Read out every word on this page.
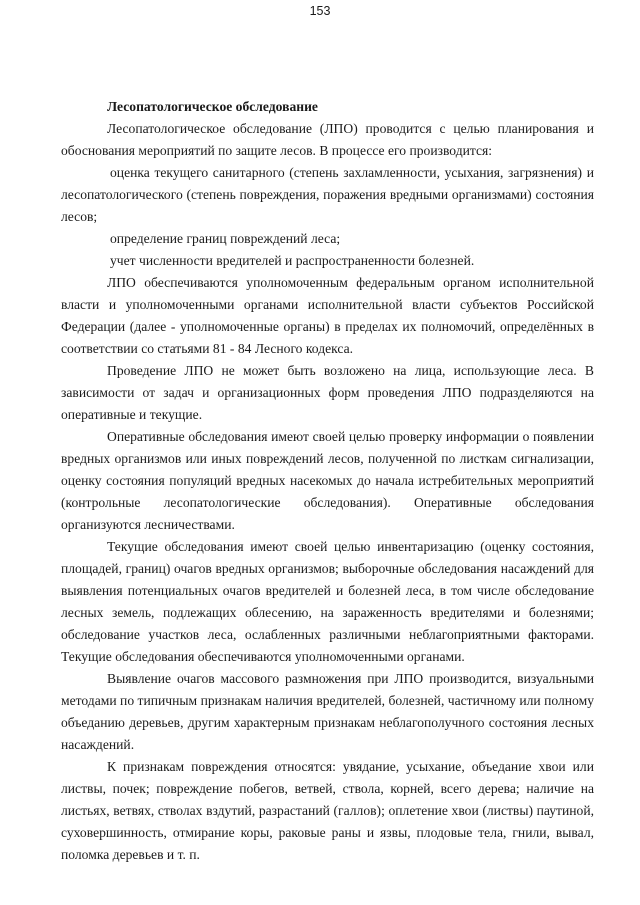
153

Лесопатологическое обследование

Лесопатологическое обследование (ЛПО) проводится с целью планирования и обоснования мероприятий по защите лесов. В процессе его производится:

оценка текущего санитарного (степень захламленности, усыхания, загрязнения) и лесопатологического (степень повреждения, поражения вредными организмами) состояния лесов;

определение границ повреждений леса;

учет численности вредителей и распространенности болезней.

ЛПО обеспечиваются уполномоченным федеральным органом исполнительной власти и уполномоченными органами исполнительной власти субъектов Российской Федерации (далее - уполномоченные органы) в пределах их полномочий, определённых в соответствии со статьями 81 - 84 Лесного кодекса.

Проведение ЛПО не может быть возложено на лица, использующие леса. В зависимости от задач и организационных форм проведения ЛПО подразделяются на оперативные и текущие.

Оперативные обследования имеют своей целью проверку информации о появлении вредных организмов или иных повреждений лесов, полученной по листкам сигнализации, оценку состояния популяций вредных насекомых до начала истребительных мероприятий (контрольные лесопатологические обследования). Оперативные обследования организуются лесничествами.

Текущие обследования имеют своей целью инвентаризацию (оценку состояния, площадей, границ) очагов вредных организмов; выборочные обследования насаждений для выявления потенциальных очагов вредителей и болезней леса, в том числе обследование лесных земель, подлежащих облесению, на зараженность вредителями и болезнями; обследование участков леса, ослабленных различными неблагоприятными факторами. Текущие обследования обеспечиваются уполномоченными органами.

Выявление очагов массового размножения при ЛПО производится, визуальными методами по типичным признакам наличия вредителей, болезней, частичному или полному объеданию деревьев, другим характерным признакам неблагополучного состояния лесных насаждений.

К признакам повреждения относятся: увядание, усыхание, объедание хвои или листвы, почек; повреждение побегов, ветвей, ствола, корней, всего дерева; наличие на листьях, ветвях, стволах вздутий, разрастаний (галлов); оплетение хвои (листвы) паутиной, суховершинность, отмирание коры, раковые раны и язвы, плодовые тела, гнили, вывал, поломка деревьев и т. п.
